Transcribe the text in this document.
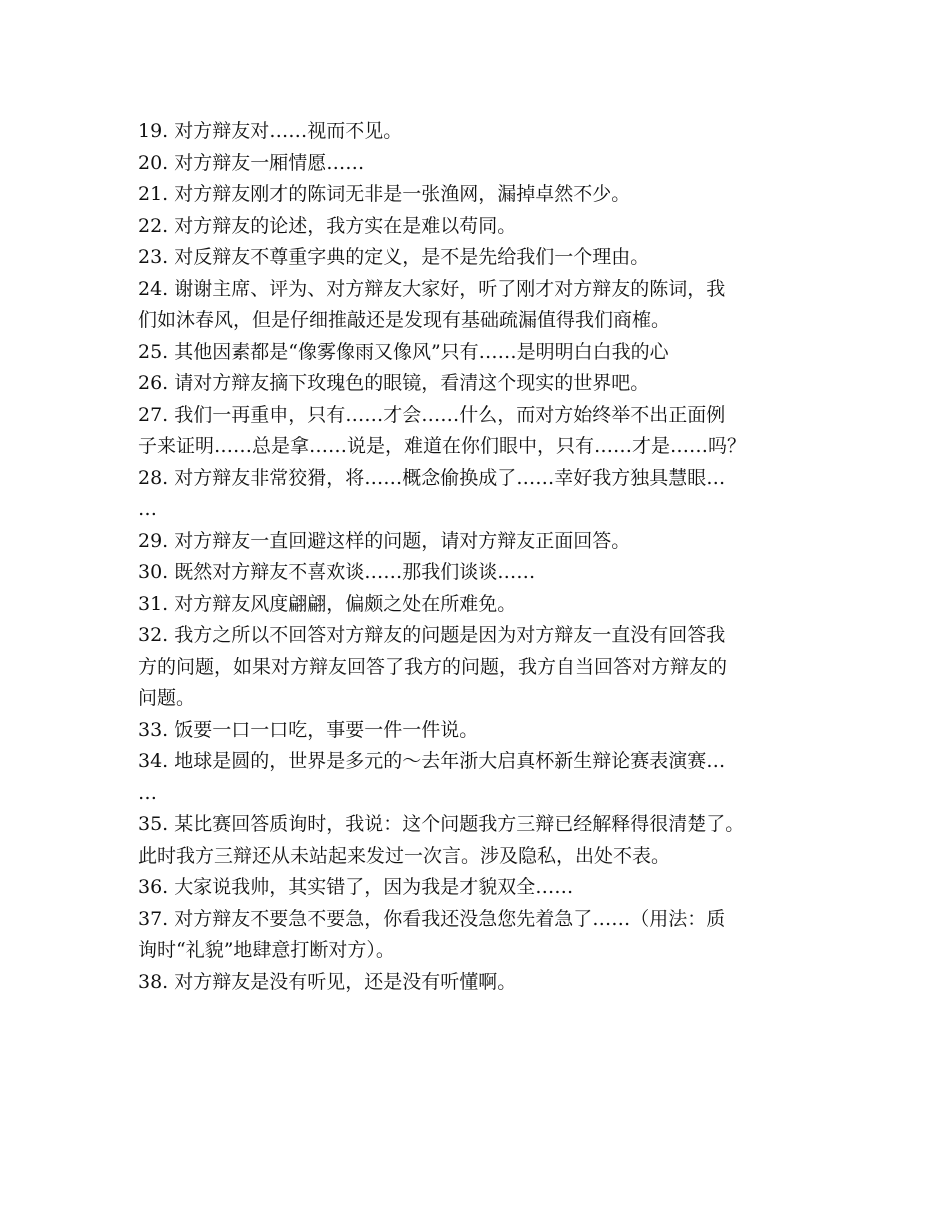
19. 对方辩友对……视而不见。
20. 对方辩友一厢情愿……
21. 对方辩友刚才的陈词无非是一张渔网，漏掉卓然不少。
22. 对方辩友的论述，我方实在是难以苟同。
23. 对反辩友不尊重字典的定义，是不是先给我们一个理由。
24. 谢谢主席、评为、对方辩友大家好，听了刚才对方辩友的陈词，我
们如沐春风，但是仔细推敲还是发现有基础疏漏值得我们商榷。
25. 其他因素都是“像雾像雨又像风”只有……是明明白白我的心
26. 请对方辩友摘下玫瑰色的眼镜，看清这个现实的世界吧。
27. 我们一再重申，只有……才会……什么，而对方始终举不出正面例
子来证明……总是拿……说是，难道在你们眼中，只有……才是……吗？
28. 对方辩友非常狡猾，将……概念偷换成了……幸好我方独具慧眼…
…
29. 对方辩友一直回避这样的问题，请对方辩友正面回答。
30. 既然对方辩友不喜欢谈……那我们谈谈……
31. 对方辩友风度翩翩，偏颇之处在所难免。
32. 我方之所以不回答对方辩友的问题是因为对方辩友一直没有回答我
方的问题，如果对方辩友回答了我方的问题，我方自当回答对方辩友的
问题。
33. 饭要一口一口吃，事要一件一件说。
34. 地球是圆的，世界是多元的～去年浙大启真杯新生辩论赛表演赛…
…
35. 某比赛回答质询时，我说：这个问题我方三辩已经解释得很清楚了。
此时我方三辩还从未站起来发过一次言。涉及隐私，出处不表。
36. 大家说我帅，其实错了，因为我是才貌双全……
37. 对方辩友不要急不要急，你看我还没急您先着急了……（用法：质
询时“礼貌”地肆意打断对方）。
38. 对方辩友是没有听见，还是没有听懂啊。
